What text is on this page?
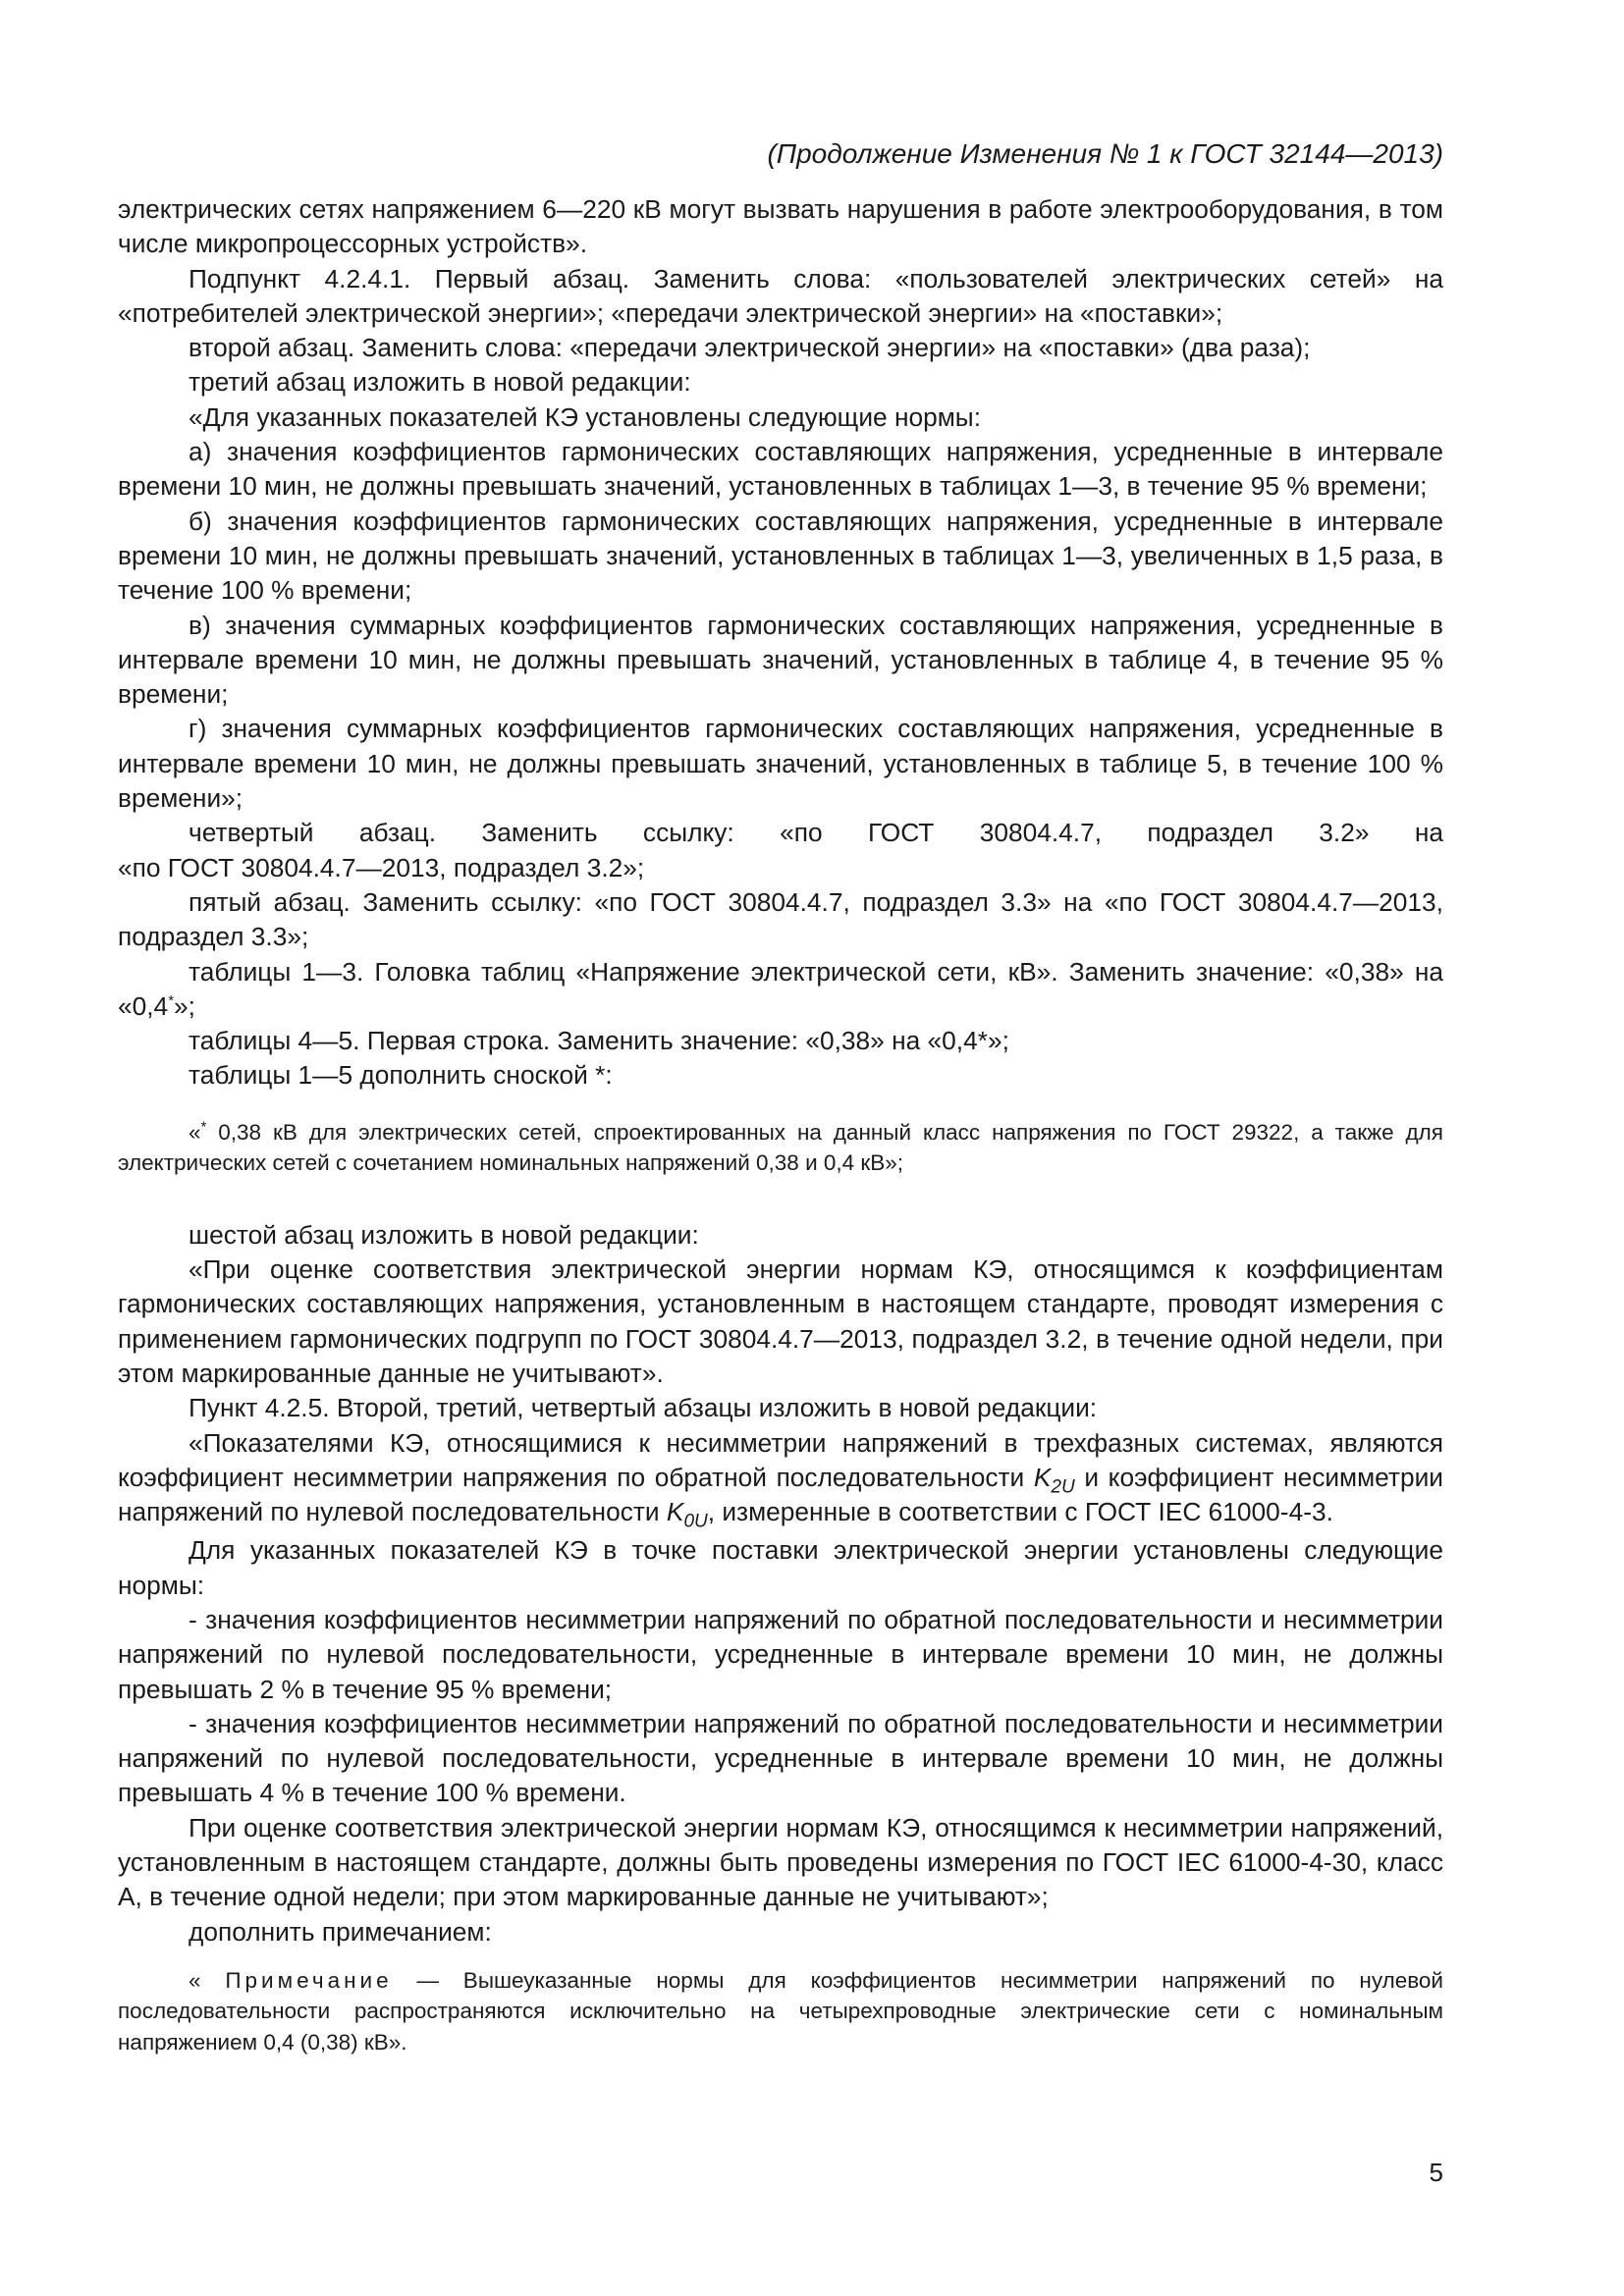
(Продолжение Изменения № 1 к ГОСТ 32144—2013)

электрических сетях напряжением 6—220 кВ могут вызвать нарушения в работе электрооборудования, в том числе микропроцессорных устройств».

Подпункт 4.2.4.1. Первый абзац. Заменить слова: «пользователей электрических сетей» на «потребителей электрической энергии»; «передачи электрической энергии» на «поставки»;

второй абзац. Заменить слова: «передачи электрической энергии» на «поставки» (два раза);

третий абзац изложить в новой редакции:

«Для указанных показателей КЭ установлены следующие нормы:

а) значения коэффициентов гармонических составляющих напряжения, усредненные в интервале времени 10 мин, не должны превышать значений, установленных в таблицах 1—3, в течение 95 % времени;

б) значения коэффициентов гармонических составляющих напряжения, усредненные в интервале времени 10 мин, не должны превышать значений, установленных в таблицах 1—3, увеличенных в 1,5 раза, в течение 100 % времени;

в) значения суммарных коэффициентов гармонических составляющих напряжения, усредненные в интервале времени 10 мин, не должны превышать значений, установленных в таблице 4, в течение 95 % времени;

г) значения суммарных коэффициентов гармонических составляющих напряжения, усредненные в интервале времени 10 мин, не должны превышать значений, установленных в таблице 5, в течение 100 % времени»;

четвертый абзац. Заменить ссылку: «по ГОСТ 30804.4.7, подраздел 3.2» на

«по ГОСТ 30804.4.7—2013, подраздел 3.2»;

пятый абзац. Заменить ссылку: «по ГОСТ 30804.4.7, подраздел 3.3» на «по ГОСТ 30804.4.7—2013, подраздел 3.3»;

таблицы 1—3. Головка таблиц «Напряжение электрической сети, кВ». Заменить значение: «0,38» на «0,4*»;

таблицы 4—5. Первая строка. Заменить значение: «0,38» на «0,4*»;

таблицы 1—5 дополнить сноской *:

«* 0,38 кВ для электрических сетей, спроектированных на данный класс напряжения по ГОСТ 29322, а также для электрических сетей с сочетанием номинальных напряжений 0,38 и 0,4 кВ»;

шестой абзац изложить в новой редакции:

«При оценке соответствия электрической энергии нормам КЭ, относящимся к коэффициентам гармонических составляющих напряжения, установленным в настоящем стандарте, проводят измерения с применением гармонических подгрупп по ГОСТ 30804.4.7—2013, подраздел 3.2, в течение одной недели, при этом маркированные данные не учитывают».

Пункт 4.2.5. Второй, третий, четвертый абзацы изложить в новой редакции:

«Показателями КЭ, относящимися к несимметрии напряжений в трехфазных системах, являются коэффициент несимметрии напряжения по обратной последовательности $K_{2U}$ и коэффициент несимметрии напряжений по нулевой последовательности $K_{0U}$, измеренные в соответствии с ГОСТ IEC 61000-4-3.

Для указанных показателей КЭ в точке поставки электрической энергии установлены следующие нормы:

- значения коэффициентов несимметрии напряжений по обратной последовательности и несимметрии напряжений по нулевой последовательности, усредненные в интервале времени 10 мин, не должны превышать 2 % в течение 95 % времени;

- значения коэффициентов несимметрии напряжений по обратной последовательности и несимметрии напряжений по нулевой последовательности, усредненные в интервале времени 10 мин, не должны превышать 4 % в течение 100 % времени.

При оценке соответствия электрической энергии нормам КЭ, относящимся к несимметрии напряжений, установленным в настоящем стандарте, должны быть проведены измерения по ГОСТ IEC 61000-4-30, класс А, в течение одной недели; при этом маркированные данные не учитывают»;

дополнить примечанием:

« Примечание — Вышеуказанные нормы для коэффициентов несимметрии напряжений по нулевой последовательности распространяются исключительно на четырехпроводные электрические сети с номинальным напряжением 0,4 (0,38) кВ».

5
